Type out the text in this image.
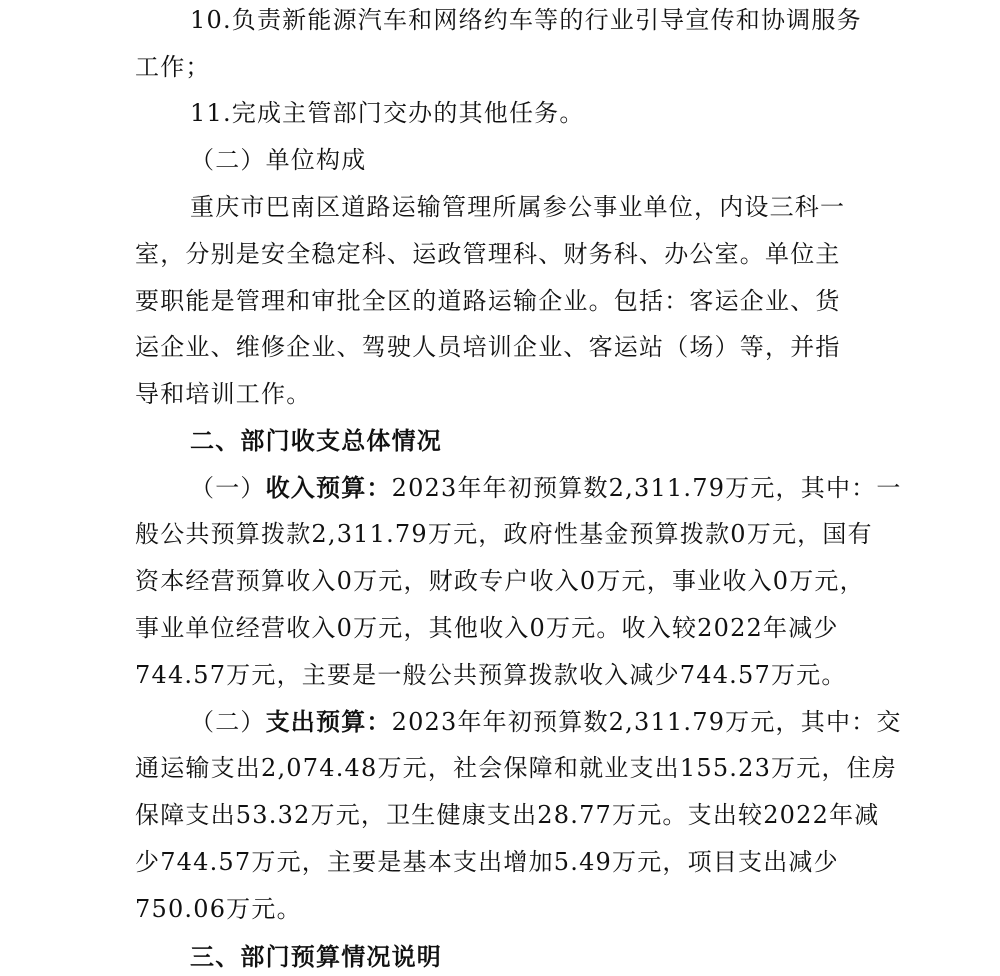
10.负责新能源汽车和网络约车等的行业引导宣传和协调服务
工作；
11.完成主管部门交办的其他任务。
（二）单位构成
重庆市巴南区道路运输管理所属参公事业单位，内设三科一
室，分别是安全稳定科、运政管理科、财务科、办公室。单位主
要职能是管理和审批全区的道路运输企业。包括：客运企业、货
运企业、维修企业、驾驶人员培训企业、客运站（场）等，并指
导和培训工作。
二、部门收支总体情况
（一）收入预算：2023年年初预算数2,311.79万元，其中：一
般公共预算拨款2,311.79万元，政府性基金预算拨款0万元，国有
资本经营预算收入0万元，财政专户收入0万元，事业收入0万元，
事业单位经营收入0万元，其他收入0万元。收入较2022年减少
744.57万元，主要是一般公共预算拨款收入减少744.57万元。
（二）支出预算：2023年年初预算数2,311.79万元，其中：交
通运输支出2,074.48万元，社会保障和就业支出155.23万元，住房
保障支出53.32万元，卫生健康支出28.77万元。支出较2022年减
少744.57万元，主要是基本支出增加5.49万元，项目支出减少
750.06万元。
三、部门预算情况说明
